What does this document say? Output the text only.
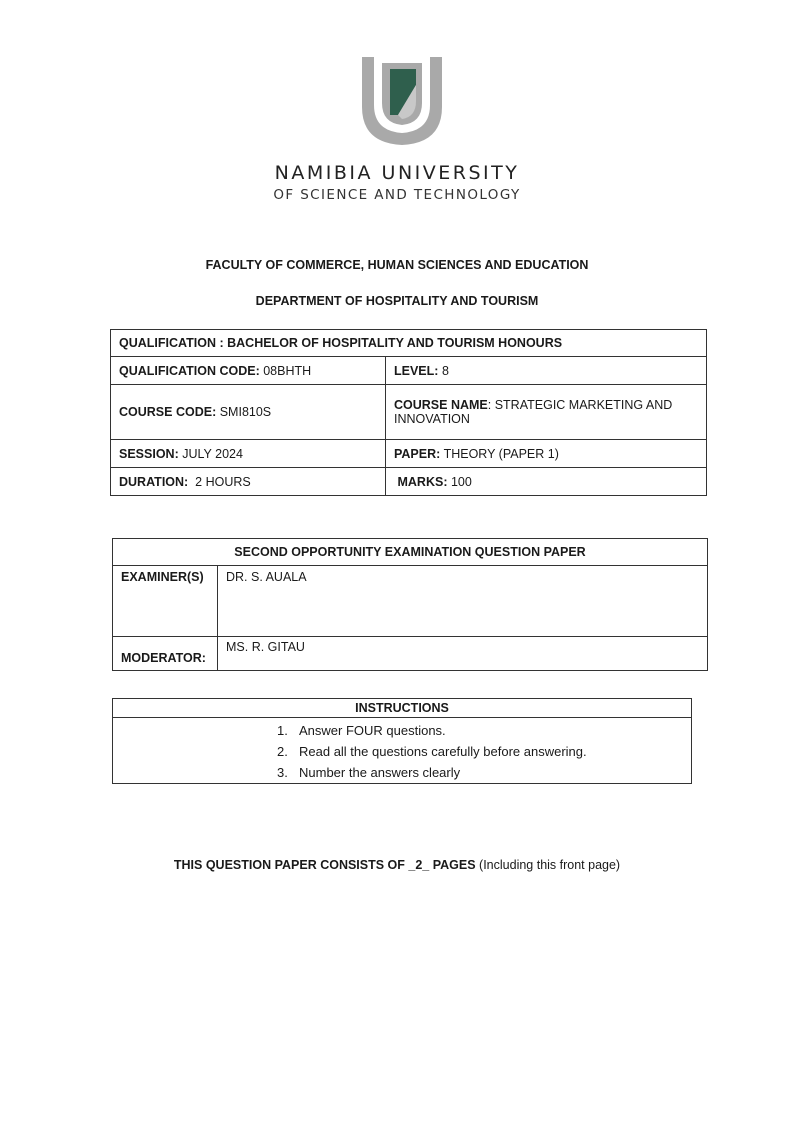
NAMIBIA UNIVERSITY
OF SCIENCE AND TECHNOLOGY
FACULTY OF COMMERCE, HUMAN SCIENCES AND EDUCATION
DEPARTMENT OF HOSPITALITY AND TOURISM
QUALIFICATION : BACHELOR OF HOSPITALITY AND TOURISM HONOURS	
QUALIFICATION CODE: 08BHTH	LEVEL: 8
COURSE CODE: SMI810S	COURSE NAME: STRATEGIC MARKETING AND INNOVATION
SESSION: JULY 2024	PAPER: THEORY (PAPER 1)
DURATION: 2 HOURS	MARKS: 100
SECOND OPPORTUNITY EXAMINATION QUESTION PAPER	
EXAMINER(S)	DR. S. AUALA
MODERATOR:	MS. R. GITAU
INSTRUCTIONS

1. Answer FOUR questions.
2. Read all the questions carefully before answering.
3. Number the answers clearly
THIS QUESTION PAPER CONSISTS OF _2_ PAGES (Including this front page)
